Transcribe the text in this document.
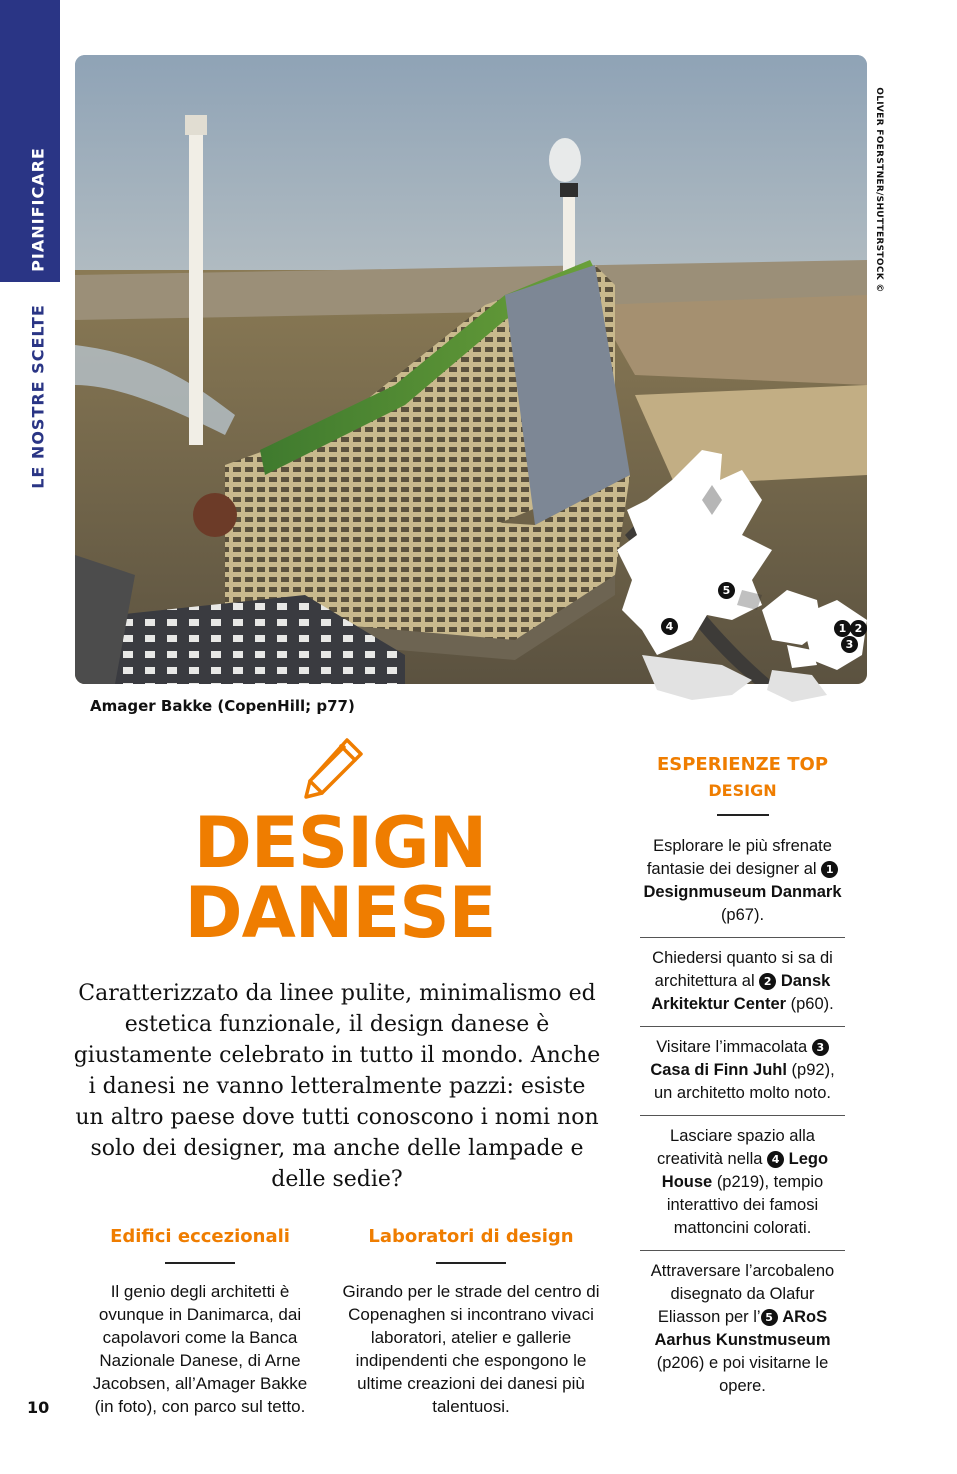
PIANIFICARE
LE NOSTRE SCELTE
OLIVER FOERSTNER/SHUTTERSTOCK ©
5
4	1 2
3
Amager Bakke (CopenHill; p77)
DESIGN
DANESE

Caratterizzato da linee pulite, minimalismo ed estetica funzionale, il design danese è giustamente celebrato in tutto il mondo. Anche i danesi ne vanno letteralmente pazzi: esiste un altro paese dove tutti conoscono i nomi non solo dei designer, ma anche delle lampade e delle sedie?

Edifici eccezionali
Il genio degli architetti è ovunque in Danimarca, dai capolavori come la Banca Nazionale Danese, di Arne Jacobsen, all’Amager Bakke (in foto), con parco sul tetto.
Laboratori di design
Girando per le strade del centro di Copenaghen si incontrano vivaci laboratori, atelier e gallerie indipendenti che espongono le ultime creazioni dei danesi più talentuosi.
10
ESPERIENZE TOP
DESIGN
Esplorare le più sfrenate fantasie dei designer al 1 Designmuseum Danmark (p67).
Chiedersi quanto si sa di architettura al 2 Dansk Arkitektur Center (p60).
Visitare l’immacolata 3 Casa di Finn Juhl (p92), un architetto molto noto.
Lasciare spazio alla creatività nella 4 Lego House (p219), tempio interattivo dei famosi mattoncini colorati.
Attraversare l’arcobaleno disegnato da Olafur Eliasson per l’ 5 ARoS Aarhus Kunstmuseum (p206) e poi visitarne le opere.
